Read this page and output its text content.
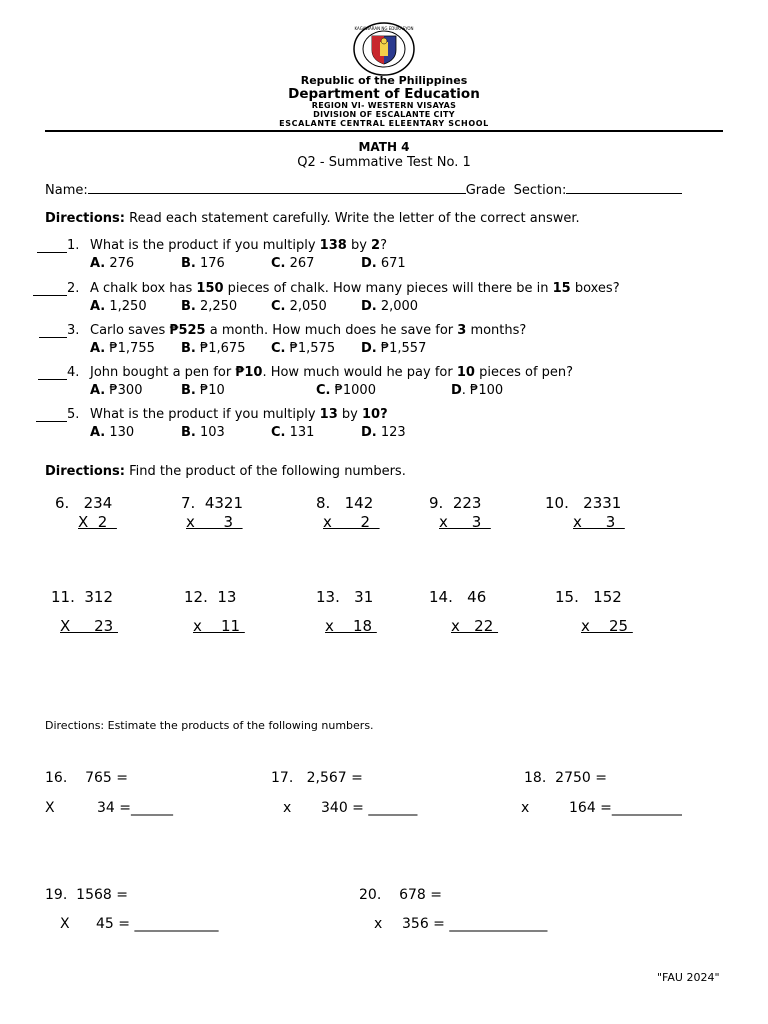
KAGAWARAN NG EDUKASYON
Republic of the Philippines
Department of Education
REGION VI- WESTERN VISAYAS
DIVISION OF ESCALANTE CITY
ESCALANTE CENTRAL ELEENTARY SCHOOL
MATH 4
Q2 - Summative Test No. 1
Name:	Grade Section:
Directions: Read each statement carefully. Write the letter of the correct answer.
1. What is the product if you multiply 138 by 2?
A. 276	B. 176	C. 267	D. 671
2. A chalk box has 150 pieces of chalk. How many pieces will there be in 15 boxes?
A. 1,250	B. 2,250	C. 2,050	D. 2,000
3. Carlo saves ₱525 a month. How much does he save for 3 months?
A. ₱1,755 B. ₱1,675 C. ₱1,575 D. ₱1,557
4. John bought a pen for ₱10. How much would he pay for 10 pieces of pen?
A. ₱300	B. ₱10	C. ₱1000	D. ₱100
5. What is the product if you multiply 13 by 10?
A. 130	B. 103	C. 131	D. 123
Directions: Find the product of the following numbers.
6.   234
X  2
7.  4321
x      3
8.   142
x      2
9.  223
x     3
10.   2331
x     3
11.  312
X     23
12.  13
x    11
13.   31
x    18
14.   46
x   22
15.   152
x    25
Directions: Estimate the products of the following numbers.
16.    765 =
X	34 =______
17.   2,567 =
x 340 = _______
18.  2750 =
x	164 =__________
19.  1568 =
X 45 = ____________
20.    678 =
x 356 = ______________
"FAU 2024"
